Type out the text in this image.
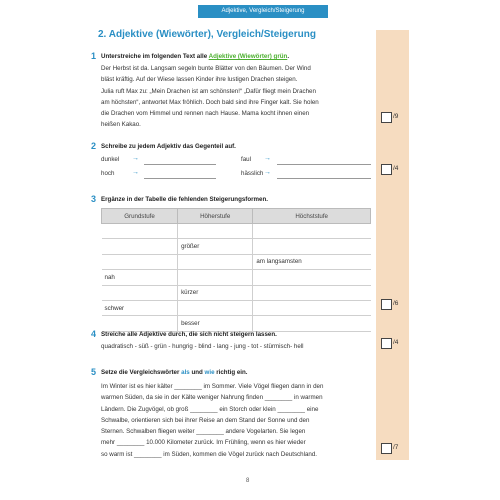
Adjektive, Vergleich/Steigerung
2. Adjektive (Wiewörter), Vergleich/Steigerung
1 Unterstreiche im folgenden Text alle Adjektive (Wiewörter) grün.
Der Herbst ist da. Langsam segeln bunte Blätter von den Bäumen. Der Wind
bläst kräftig. Auf der Wiese lassen Kinder ihre lustigen Drachen steigen.
Julia ruft Max zu: „Mein Drachen ist am schönsten!“ „Dafür fliegt mein Drachen
am höchsten“, antwortet Max fröhlich. Doch bald sind ihre Finger kalt. Sie holen
die Drachen vom Himmel und rennen nach Hause. Mama kocht ihnen einen
heißen Kakao.
/9
2 Schreibe zu jedem Adjektiv das Gegenteil auf.
dunkel →	faul →
hoch	→	hässlich →
/4
3 Ergänze in der Tabelle die fehlenden Steigerungsformen.
Grundstufe	Höherstufe	Höchststufe

	größer	
		am langsamsten
nah		
	kürzer	
schwer		
	besser	
/6
4 Streiche alle Adjektive durch, die sich nicht steigern lassen.
quadratisch - süß - grün - hungrig - blind - lang - jung - tot - stürmisch- hell
/4
5 Setze die Vergleichswörter als und wie richtig ein.
Im Winter ist es hier kälter ________ im Sommer. Viele Vögel fliegen dann in den
warmen Süden, da sie in der Kälte weniger Nahrung finden ________ in warmen
Ländern. Die Zugvögel, ob groß ________ ein Storch oder klein ________ eine
Schwalbe, orientieren sich bei ihrer Reise an dem Stand der Sonne und den
Sternen. Schwalben fliegen weiter ________ andere Vogelarten. Sie legen
mehr ________ 10.000 Kilometer zurück. Im Frühling, wenn es hier wieder
so warm ist ________ im Süden, kommen die Vögel zurück nach Deutschland.
/7
8
